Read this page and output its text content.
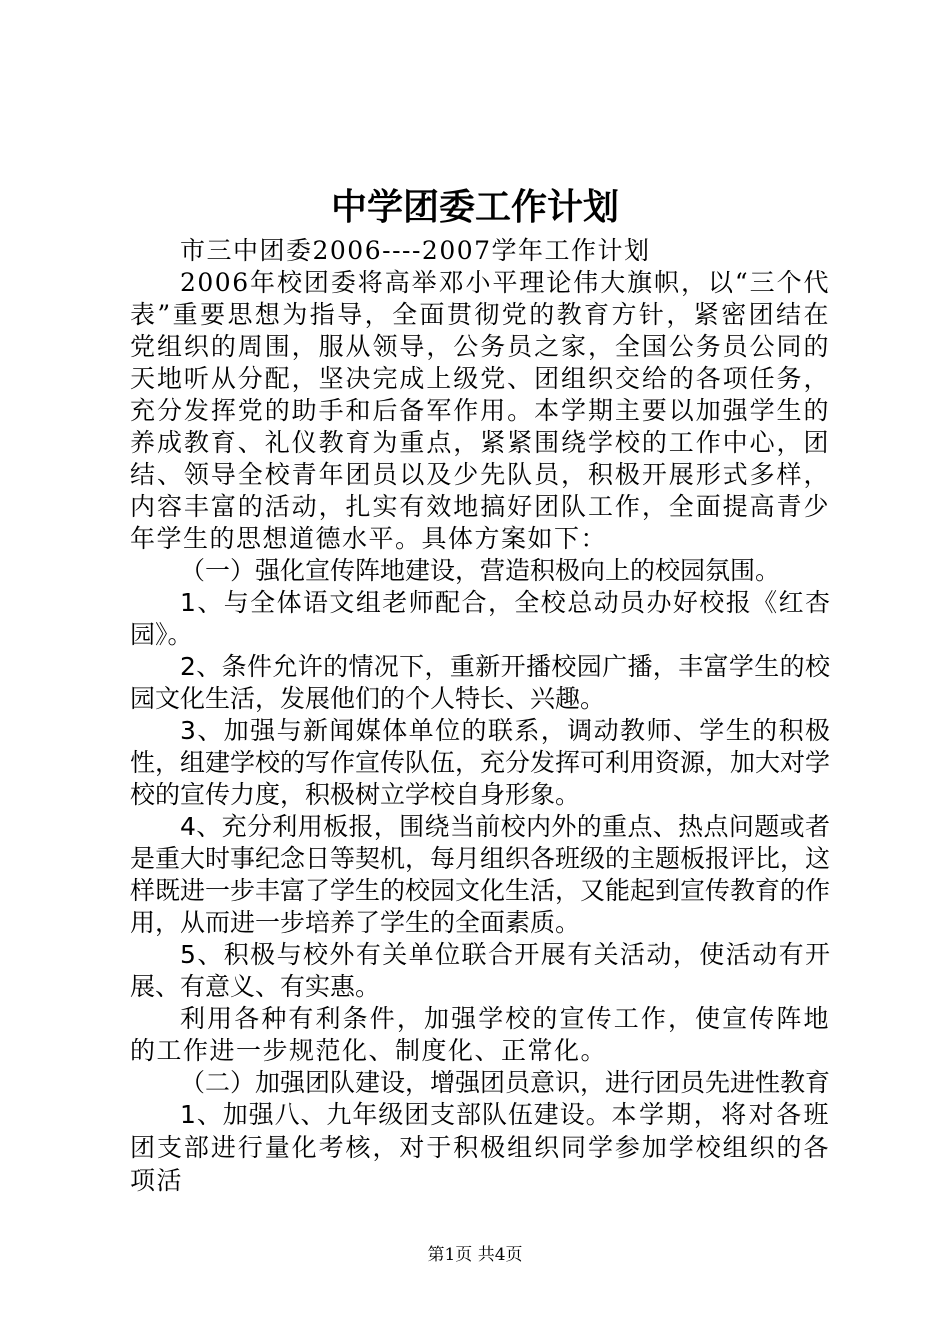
中学团委工作计划

市三中团委2006----2007学年工作计划

2006年校团委将高举邓小平理论伟大旗帜，以“三个代表”重要思想为指导，全面贯彻党的教育方针，紧密团结在党组织的周围，服从领导，公务员之家，全国公务员公同的天地听从分配，坚决完成上级党、团组织交给的各项任务，充分发挥党的助手和后备军作用。本学期主要以加强学生的养成教育、礼仪教育为重点，紧紧围绕学校的工作中心，团结、领导全校青年团员以及少先队员，积极开展形式多样，内容丰富的活动，扎实有效地搞好团队工作，全面提高青少年学生的思想道德水平。具体方案如下：

（一）强化宣传阵地建设，营造积极向上的校园氛围。

1、与全体语文组老师配合，全校总动员办好校报《红杏园》。

2、条件允许的情况下，重新开播校园广播，丰富学生的校园文化生活，发展他们的个人特长、兴趣。

3、加强与新闻媒体单位的联系，调动教师、学生的积极性，组建学校的写作宣传队伍，充分发挥可利用资源，加大对学校的宣传力度，积极树立学校自身形象。

4、充分利用板报，围绕当前校内外的重点、热点问题或者是重大时事纪念日等契机，每月组织各班级的主题板报评比，这样既进一步丰富了学生的校园文化生活，又能起到宣传教育的作用，从而进一步培养了学生的全面素质。

5、积极与校外有关单位联合开展有关活动，使活动有开展、有意义、有实惠。

利用各种有利条件，加强学校的宣传工作，使宣传阵地的工作进一步规范化、制度化、正常化。

（二）加强团队建设，增强团员意识，进行团员先进性教育

1、加强八、九年级团支部队伍建设。本学期，将对各班团支部进行量化考核，对于积极组织同学参加学校组织的各项活

第1页 共4页
